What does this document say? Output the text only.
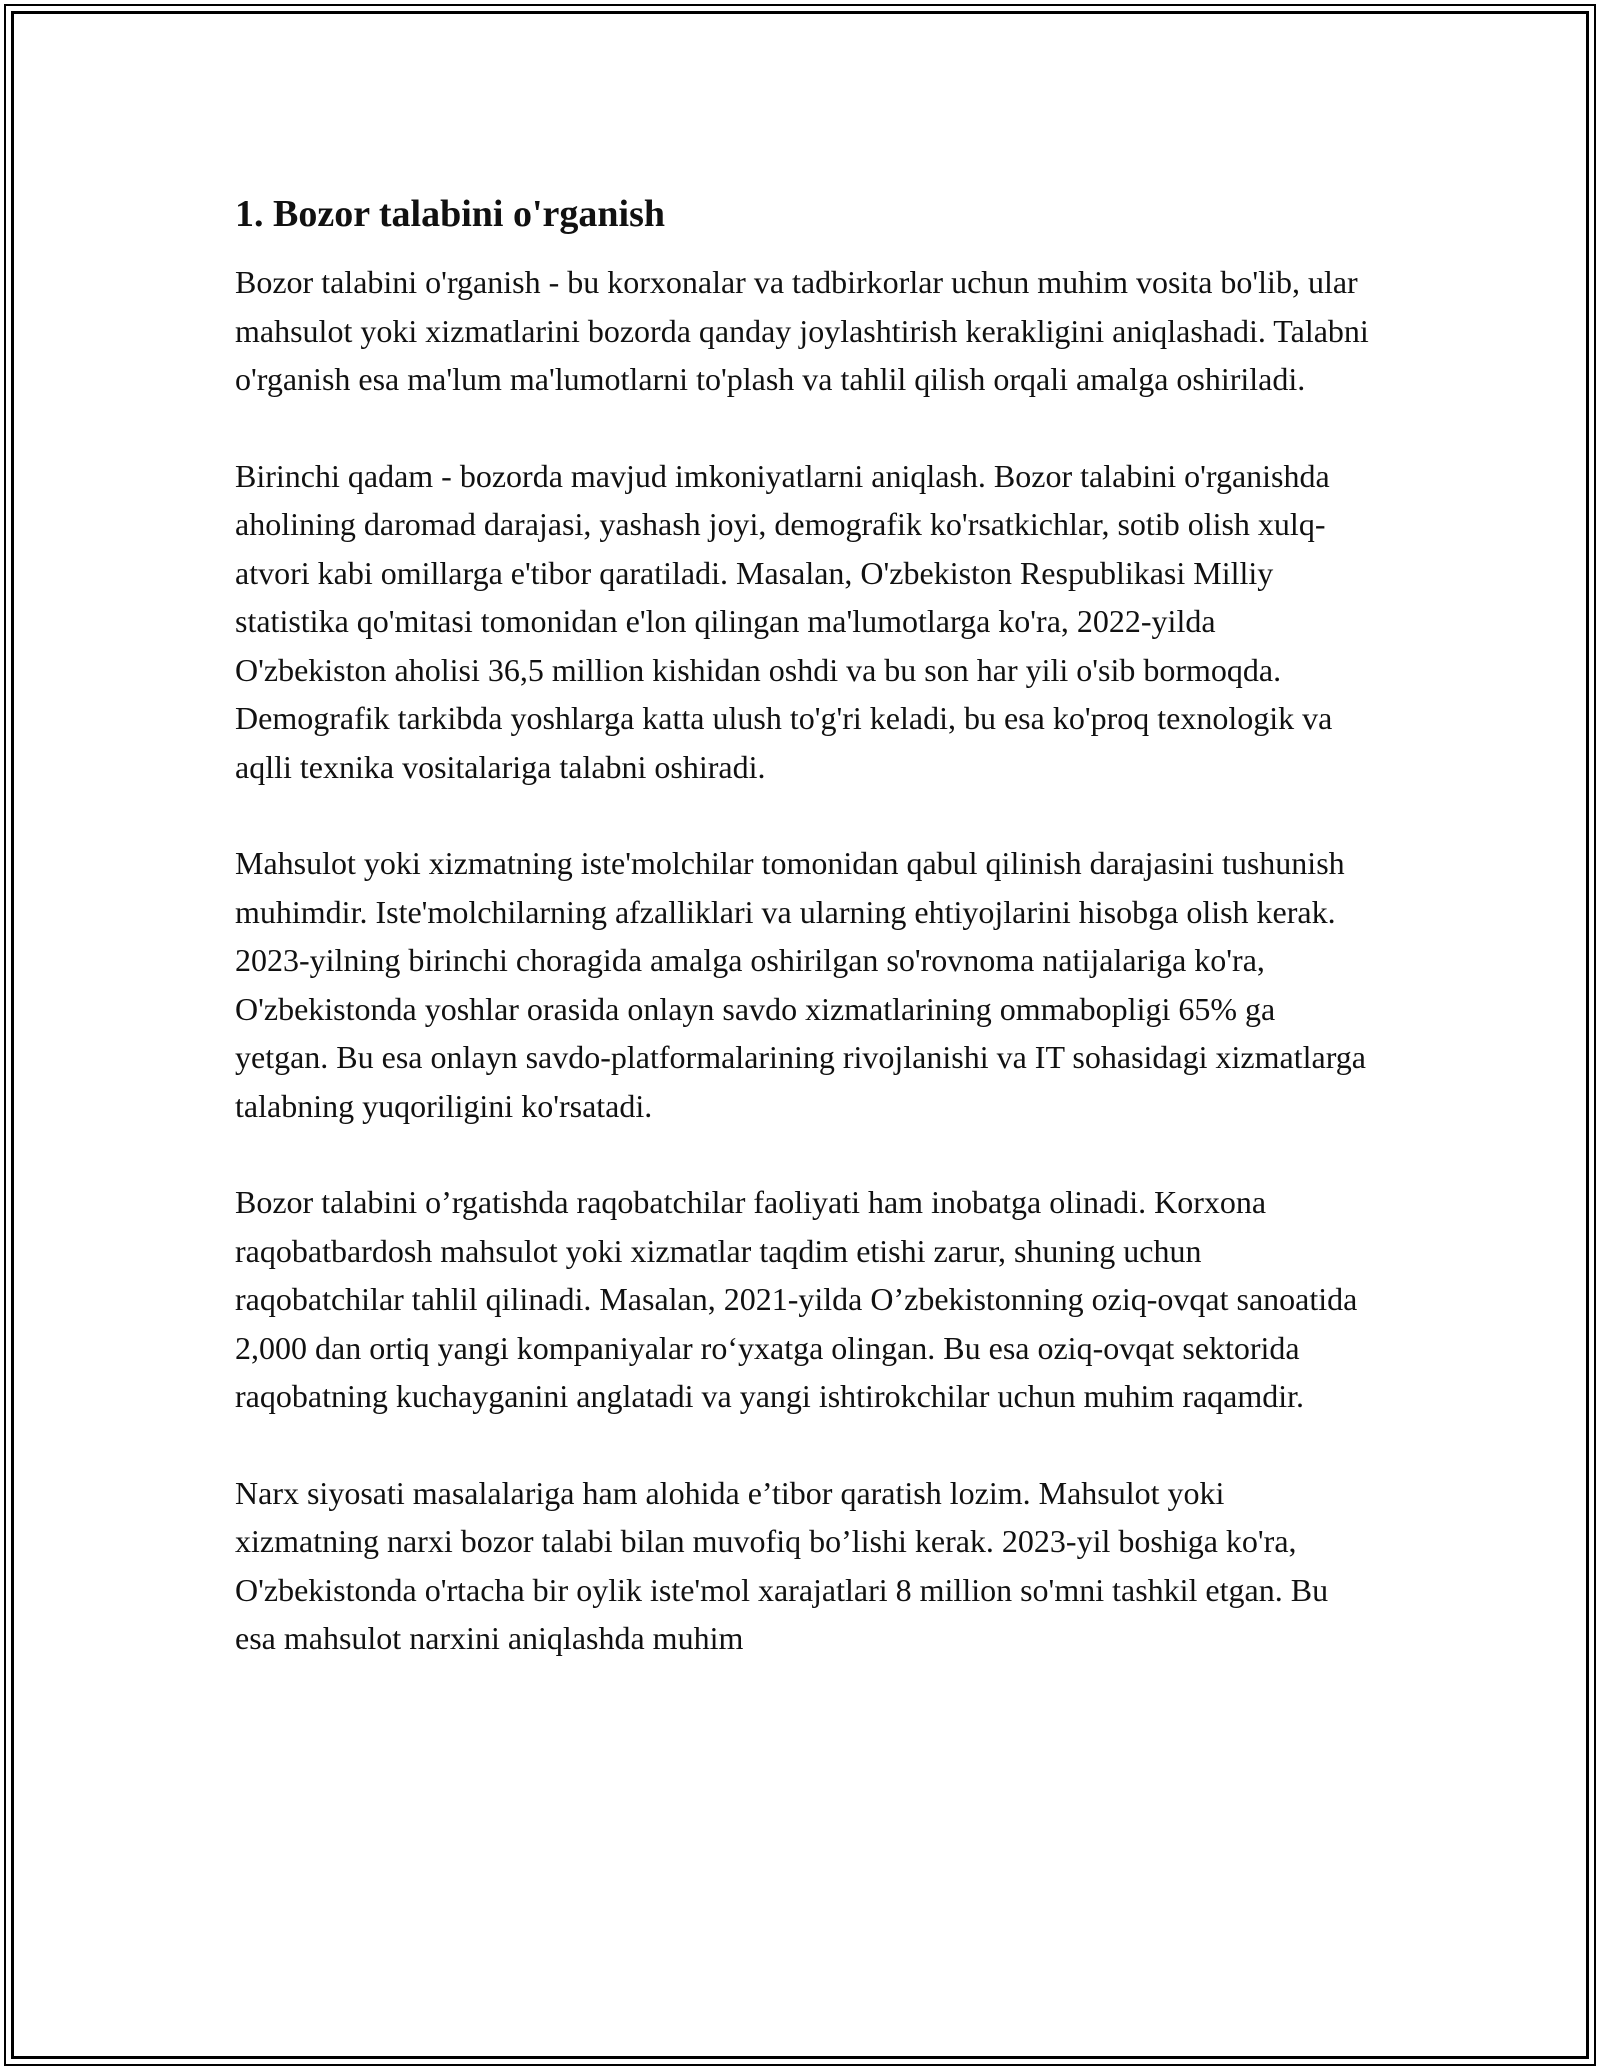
1. Bozor talabini o'rganish

Bozor talabini o'rganish - bu korxonalar va tadbirkorlar uchun muhim vosita bo'lib, ular mahsulot yoki xizmatlarini bozorda qanday joylashtirish kerakligini aniqlashadi. Talabni o'rganish esa ma'lum ma'lumotlarni to'plash va tahlil qilish orqali amalga oshiriladi.

Birinchi qadam - bozorda mavjud imkoniyatlarni aniqlash. Bozor talabini o'rganishda aholining daromad darajasi, yashash joyi, demografik ko'rsatkichlar, sotib olish xulq-atvori kabi omillarga e'tibor qaratiladi. Masalan, O'zbekiston Respublikasi Milliy statistika qo'mitasi tomonidan e'lon qilingan ma'lumotlarga ko'ra, 2022-yilda O'zbekiston aholisi 36,5 million kishidan oshdi va bu son har yili o'sib bormoqda. Demografik tarkibda yoshlarga katta ulush to'g'ri keladi, bu esa ko'proq texnologik va aqlli texnika vositalariga talabni oshiradi.

Mahsulot yoki xizmatning iste'molchilar tomonidan qabul qilinish darajasini tushunish muhimdir. Iste'molchilarning afzalliklari va ularning ehtiyojlarini hisobga olish kerak. 2023-yilning birinchi choragida amalga oshirilgan so'rovnoma natijalariga ko'ra, O'zbekistonda yoshlar orasida onlayn savdo xizmatlarining ommabopligi 65% ga yetgan. Bu esa onlayn savdo-platformalarining rivojlanishi va IT sohasidagi xizmatlarga talabning yuqoriligini ko'rsatadi.

Bozor talabini o’rgatishda raqobatchilar faoliyati ham inobatga olinadi. Korxona raqobatbardosh mahsulot yoki xizmatlar taqdim etishi zarur, shuning uchun raqobatchilar tahlil qilinadi. Masalan, 2021-yilda O’zbekistonning oziq-ovqat sanoatida 2,000 dan ortiq yangi kompaniyalar ro‘yxatga olingan. Bu esa oziq-ovqat sektorida raqobatning kuchayganini anglatadi va yangi ishtirokchilar uchun muhim raqamdir.

Narx siyosati masalalariga ham alohida e’tibor qaratish lozim. Mahsulot yoki xizmatning narxi bozor talabi bilan muvofiq bo’lishi kerak. 2023-yil boshiga ko'ra, O'zbekistonda o'rtacha bir oylik iste'mol xarajatlari 8 million so'mni tashkil etgan. Bu esa mahsulot narxini aniqlashda muhim
